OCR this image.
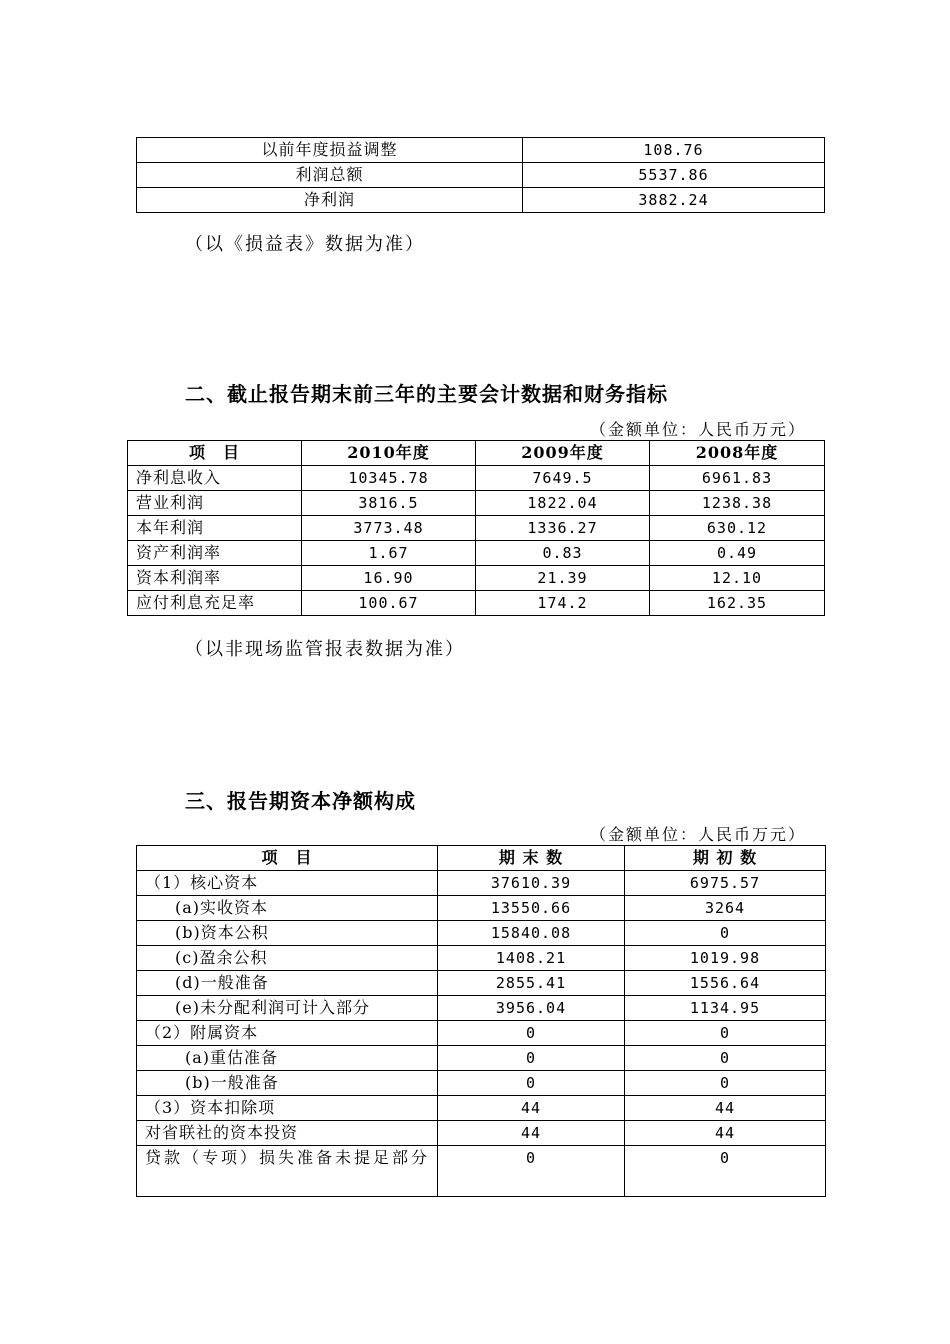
以前年度损益调整	108.76
利润总额	5537.86
净利润	3882.24
（以《损益表》数据为准）
二、截止报告期末前三年的主要会计数据和财务指标
（金额单位：人民币万元）
项　目	2010年度	2009年度	2008年度
净利息收入	10345.78	7649.5	6961.83
营业利润	3816.5	1822.04	1238.38
本年利润	3773.48	1336.27	630.12
资产利润率	1.67	0.83	0.49
资本利润率	16.90	21.39	12.10
应付利息充足率	100.67	174.2	162.35
（以非现场监管报表数据为准）
三、报告期资本净额构成
（金额单位：人民币万元）
项　目	期 末 数	期 初 数
（1）核心资本	37610.39	6975.57
(a)实收资本	13550.66	3264
(b)资本公积	15840.08	0
(c)盈余公积	1408.21	1019.98
(d)一般准备	2855.41	1556.64
(e)未分配利润可计入部分	3956.04	1134.95
（2）附属资本	0	0
(a)重估准备	0	0
(b)一般准备	0	0
（3）资本扣除项	44	44
对省联社的资本投资	44	44
贷款（专项）损失准备未提足部分	0	0
